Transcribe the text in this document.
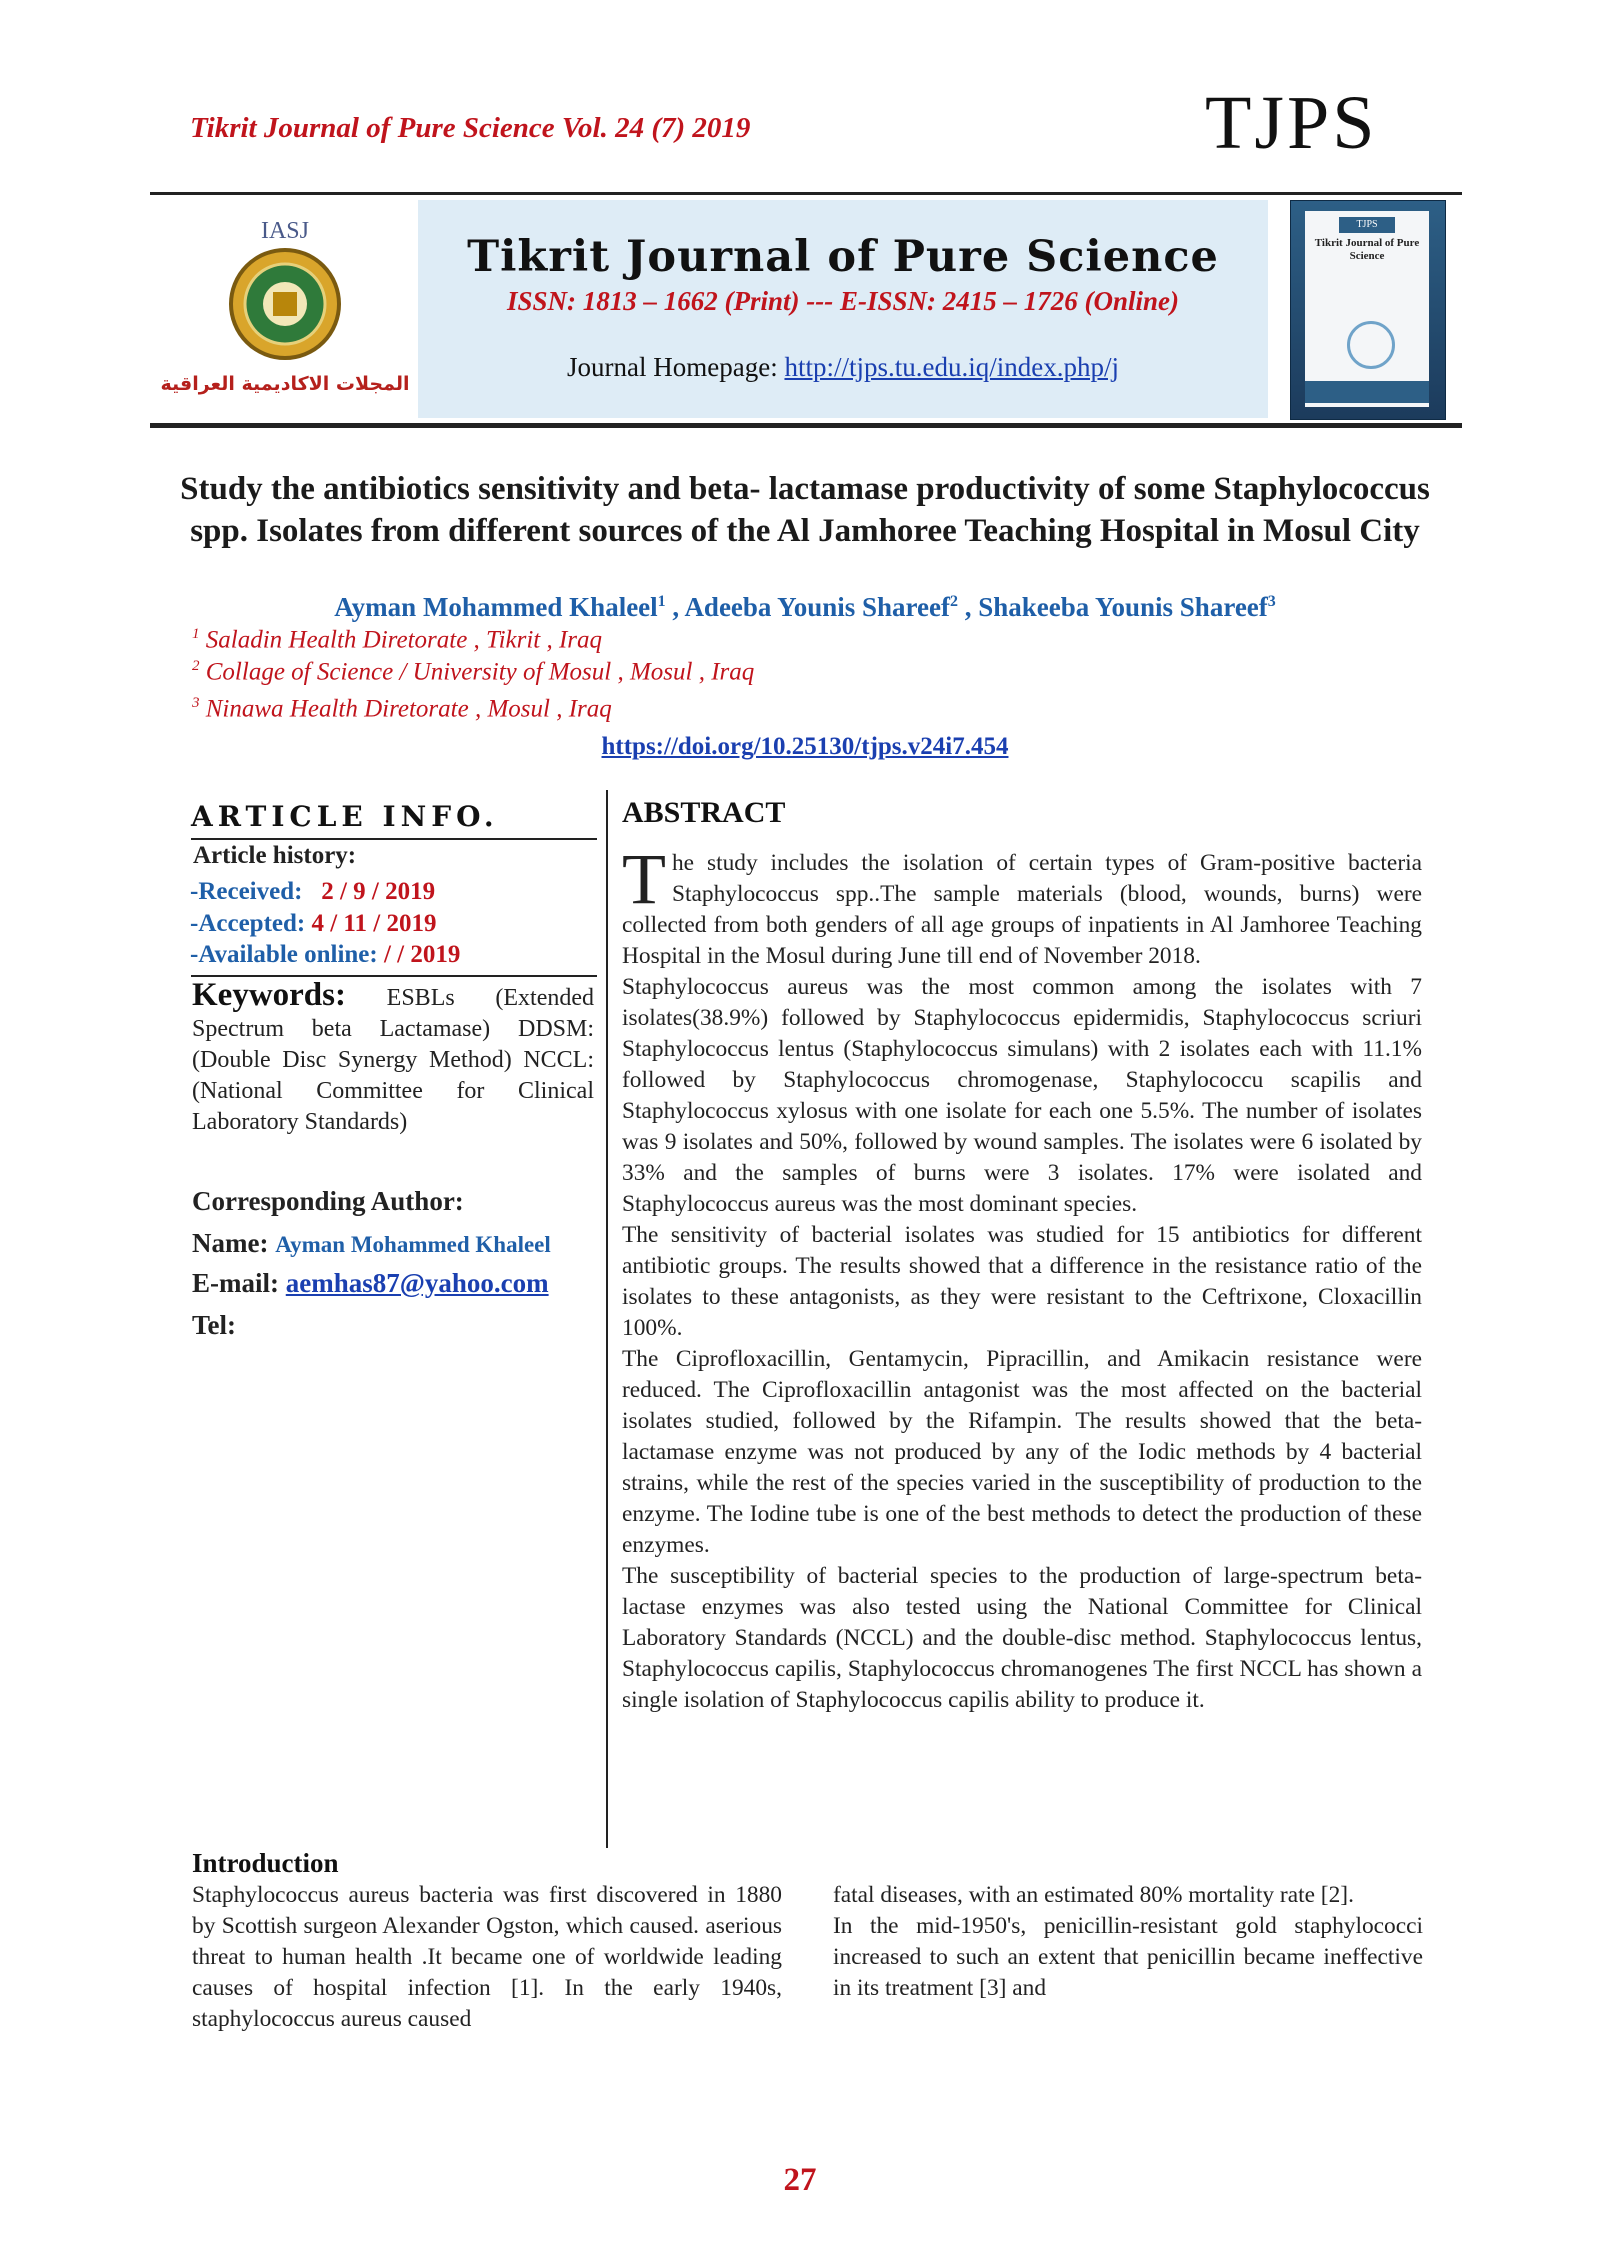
Tikrit Journal of Pure Science Vol. 24 (7) 2019	TJPS
IASJ
المجلات الاكاديمية العراقية
Tikrit Journal of Pure Science
ISSN: 1813 – 1662 (Print) --- E-ISSN: 2415 – 1726 (Online)
Journal Homepage: http://tjps.tu.edu.iq/index.php/j
TJPS
Tikrit Journal of Pure Science
Study the antibiotics sensitivity and beta- lactamase productivity of some Staphylococcus spp. Isolates from different sources of the Al Jamhoree Teaching Hospital in Mosul City
Ayman Mohammed Khaleel$^1$ , Adeeba Younis Shareef$^2$ , Shakeeba Younis Shareef$^3$
$^1$ Saladin Health Diretorate , Tikrit , Iraq
$^2$ Collage of Science / University of Mosul , Mosul , Iraq
$^3$ Ninawa Health Diretorate , Mosul , Iraq
https://doi.org/10.25130/tjps.v24i7.454
ARTICLE INFO.
Article history:
-Received: 2 / 9 / 2019
-Accepted: 4 / 11 / 2019
-Available online: / / 2019
Keywords: ESBLs (Extended Spectrum beta Lactamase) DDSM: (Double Disc Synergy Method) NCCL: (National Committee for Clinical Laboratory Standards)
Corresponding Author:
Name: Ayman Mohammed Khaleel
E-mail: aemhas87@yahoo.com
Tel:
ABSTRACT

The study includes the isolation of certain types of Gram-positive bacteria Staphylococcus spp..The sample materials (blood, wounds, burns) were collected from both genders of all age groups of inpatients in Al Jamhoree Teaching Hospital in the Mosul during June till end of November 2018.

Staphylococcus aureus was the most common among the isolates with 7 isolates(38.9%) followed by Staphylococcus epidermidis, Staphylococcus scriuri Staphylococcus lentus (Staphylococcus simulans) with 2 isolates each with 11.1% followed by Staphylococcus chromogenase, Staphylococcu scapilis and Staphylococcus xylosus with one isolate for each one 5.5%. The number of isolates was 9 isolates and 50%, followed by wound samples. The isolates were 6 isolated by 33% and the samples of burns were 3 isolates. 17% were isolated and Staphylococcus aureus was the most dominant species.

The sensitivity of bacterial isolates was studied for 15 antibiotics for different antibiotic groups. The results showed that a difference in the resistance ratio of the isolates to these antagonists, as they were resistant to the Ceftrixone, Cloxacillin 100%.

The Ciprofloxacillin, Gentamycin, Pipracillin, and Amikacin resistance were reduced. The Ciprofloxacillin antagonist was the most affected on the bacterial isolates studied, followed by the Rifampin. The results showed that the beta-lactamase enzyme was not produced by any of the Iodic methods by 4 bacterial strains, while the rest of the species varied in the susceptibility of production to the enzyme. The Iodine tube is one of the best methods to detect the production of these enzymes.

The susceptibility of bacterial species to the production of large-spectrum beta-lactase enzymes was also tested using the National Committee for Clinical Laboratory Standards (NCCL) and the double-disc method. Staphylococcus lentus, Staphylococcus capilis, Staphylococcus chromanogenes The first NCCL has shown a single isolation of Staphylococcus capilis ability to produce it.

Introduction

Staphylococcus aureus bacteria was first discovered in 1880 by Scottish surgeon Alexander Ogston, which caused. aserious threat to human health .It became one of worldwide leading causes of hospital infection [1]. In the early 1940s, staphylococcus aureus caused

fatal diseases, with an estimated 80% mortality rate [2].

In the mid-1950's, penicillin-resistant gold staphylococci increased to such an extent that penicillin became ineffective in its treatment [3] and

27
